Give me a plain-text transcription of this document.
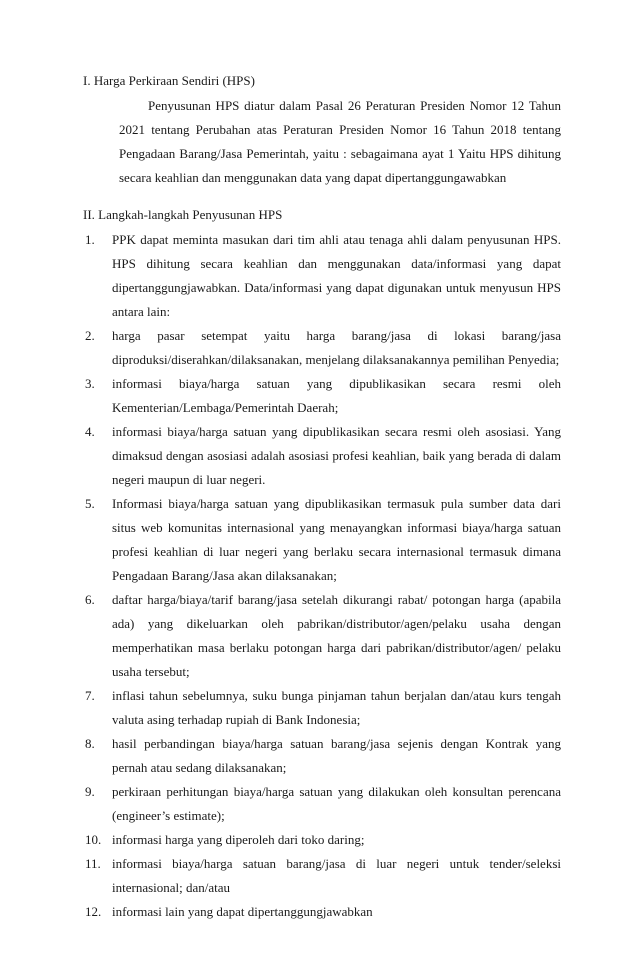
I. Harga Perkiraan Sendiri (HPS)

Penyusunan HPS diatur dalam Pasal 26 Peraturan Presiden Nomor 12 Tahun 2021 tentang Perubahan atas Peraturan Presiden Nomor 16 Tahun 2018 tentang Pengadaan Barang/Jasa Pemerintah, yaitu : sebagaimana ayat 1 Yaitu HPS dihitung secara keahlian dan menggunakan data yang dapat dipertanggungawabkan

II. Langkah-langkah Penyusunan HPS
1.	PPK dapat meminta masukan dari tim ahli atau tenaga ahli dalam penyusunan HPS. HPS dihitung secara keahlian dan menggunakan data/informasi yang dapat dipertanggungjawabkan. Data/informasi yang dapat digunakan untuk menyusun HPS antara lain:
2.	harga pasar setempat yaitu harga barang/jasa di lokasi barang/jasa diproduksi/diserahkan/dilaksanakan, menjelang dilaksanakannya pemilihan Penyedia;
3.	informasi biaya/harga satuan yang dipublikasikan secara resmi oleh Kementerian/Lembaga/Pemerintah Daerah;
4.	informasi biaya/harga satuan yang dipublikasikan secara resmi oleh asosiasi. Yang dimaksud dengan asosiasi adalah asosiasi profesi keahlian, baik yang berada di dalam negeri maupun di luar negeri.
5.	Informasi biaya/harga satuan yang dipublikasikan termasuk pula sumber data dari situs web komunitas internasional yang menayangkan informasi biaya/harga satuan profesi keahlian di luar negeri yang berlaku secara internasional termasuk dimana Pengadaan Barang/Jasa akan dilaksanakan;
6.	daftar harga/biaya/tarif barang/jasa setelah dikurangi rabat/ potongan harga (apabila ada) yang dikeluarkan oleh pabrikan/distributor/agen/pelaku usaha dengan memperhatikan masa berlaku potongan harga dari pabrikan/distributor/agen/ pelaku usaha tersebut;
7.	inflasi tahun sebelumnya, suku bunga pinjaman tahun berjalan dan/atau kurs tengah valuta asing terhadap rupiah di Bank Indonesia;
8.	hasil perbandingan biaya/harga satuan barang/jasa sejenis dengan Kontrak yang pernah atau sedang dilaksanakan;
9.	perkiraan perhitungan biaya/harga satuan yang dilakukan oleh konsultan perencana (engineer’s estimate);
10. informasi harga yang diperoleh dari toko daring;
11. informasi biaya/harga satuan barang/jasa di luar negeri untuk tender/seleksi internasional; dan/atau
12. informasi lain yang dapat dipertanggungjawabkan
